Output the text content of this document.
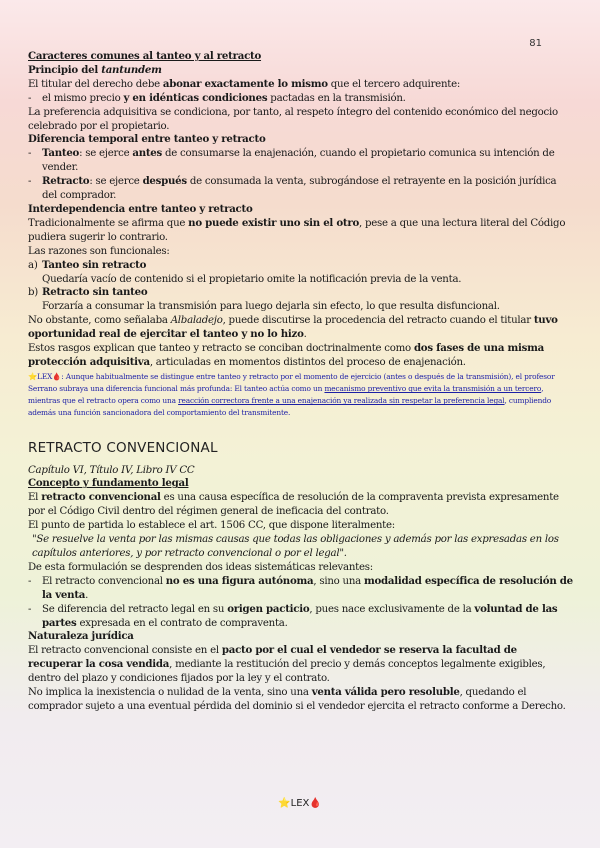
81

Caracteres comunes al tanteo y al retracto

Principio del tantundem

El titular del derecho debe abonar exactamente lo mismo que el tercero adquirente:

- el mismo precio y en idénticas condiciones pactadas en la transmisión.

La preferencia adquisitiva se condiciona, por tanto, al respeto íntegro del contenido económico del negocio celebrado por el propietario.

Diferencia temporal entre tanteo y retracto

- Tanteo: se ejerce antes de consumarse la enajenación, cuando el propietario comunica su intención de vender.

- Retracto: se ejerce después de consumada la venta, subrogándose el retrayente en la posición jurídica del comprador.

Interdependencia entre tanteo y retracto

Tradicionalmente se afirma que no puede existir uno sin el otro, pese a que una lectura literal del Código pudiera sugerir lo contrario.

Las razones son funcionales:

a) Tanteo sin retracto

Quedaría vacío de contenido si el propietario omite la notificación previa de la venta.

b) Retracto sin tanteo

Forzaría a consumar la transmisión para luego dejarla sin efecto, lo que resulta disfuncional.

No obstante, como señalaba Albaladejo, puede discutirse la procedencia del retracto cuando el titular tuvo oportunidad real de ejercitar el tanteo y no lo hizo.

Estos rasgos explican que tanteo y retracto se conciban doctrinalmente como dos fases de una misma protección adquisitiva, articuladas en momentos distintos del proceso de enajenación.

⭐LEX🩸: Aunque habitualmente se distingue entre tanteo y retracto por el momento de ejercicio (antes o después de la transmisión), el profesor Serrano subraya una diferencia funcional más profunda: El tanteo actúa como un mecanismo preventivo que evita la transmisión a un tercero, mientras que el retracto opera como una reacción correctora frente a una enajenación ya realizada sin respetar la preferencia legal, cumpliendo además una función sancionadora del comportamiento del transmitente.

RETRACTO CONVENCIONAL

Capítulo VI, Título IV, Libro IV CC

Concepto y fundamento legal

El retracto convencional es una causa específica de resolución de la compraventa prevista expresamente por el Código Civil dentro del régimen general de ineficacia del contrato.

El punto de partida lo establece el art. 1506 CC, que dispone literalmente:

"Se resuelve la venta por las mismas causas que todas las obligaciones y además por las expresadas en los capítulos anteriores, y por retracto convencional o por el legal".

De esta formulación se desprenden dos ideas sistemáticas relevantes:

- El retracto convencional no es una figura autónoma, sino una modalidad específica de resolución de la venta.

- Se diferencia del retracto legal en su origen pacticio, pues nace exclusivamente de la voluntad de las partes expresada en el contrato de compraventa.

Naturaleza jurídica

El retracto convencional consiste en el pacto por el cual el vendedor se reserva la facultad de recuperar la cosa vendida, mediante la restitución del precio y demás conceptos legalmente exigibles, dentro del plazo y condiciones fijados por la ley y el contrato.

No implica la inexistencia o nulidad de la venta, sino una venta válida pero resoluble, quedando el comprador sujeto a una eventual pérdida del dominio si el vendedor ejercita el retracto conforme a Derecho.

⭐LEX🩸
